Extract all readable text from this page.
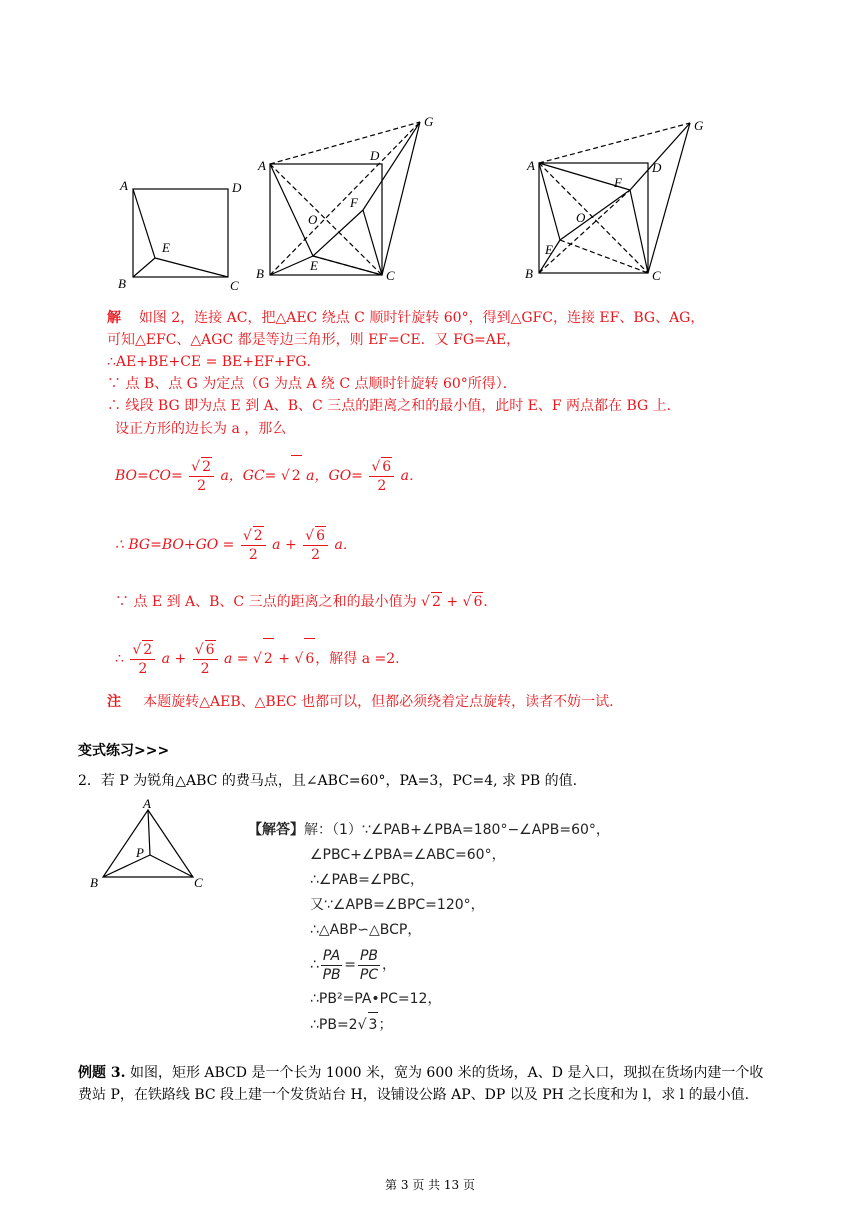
A	D
B	C
E
A
D
B	C
E
F
G
O
A	D
B	C
E
F
G
O
解 如图 2，连接 AC，把△AEC 绕点 C 顺时针旋转 60°，得到△GFC，连接 EF、BG、AG，
可知△EFC、△AGC 都是等边三角形，则 EF=CE．又 FG=AE，
∴AE+BE+CE = BE+EF+FG．
∵ 点 B、点 G 为定点（G 为点 A 绕 C 点顺时针旋转 60°所得）．
∴ 线段 BG 即为点 E 到 A、B、C 三点的距离之和的最小值，此时 E、F 两点都在 BG 上．
设正方形的边长为 a ，那么
$BO=CO= \frac{√ 2}{2}$ a，GC= √ 2 a，$GO= \frac{√ 6}{2}$ a．
∴ $BG=BO+GO = \frac{√ 2}{2}$ $a + \frac{√ 6}{2}$ a．
∵ 点 E 到 A、B、C 三点的距离之和的最小值为 √ 2 + √ 6．
∴ $\frac{√ 2}{2}$ $a + \frac{√ 6}{2}$ a = √ 2 + √ 6，解得 a =2.
注 本题旋转△AEB、△BEC 也都可以，但都必须绕着定点旋转，读者不妨一试.
变式练习>>>
2．若 P 为锐角△ABC 的费马点，且∠ABC=60°，PA=3，PC=4, 求 PB 的值.
A
B	C
P
【解答】解：（1）∵∠PAB+∠PBA=180°−∠APB=60°，
∠PBC+∠PBA=∠ABC=60°，
∴∠PAB=∠PBC，
又∵∠APB=∠BPC=120°，
∴△ABP∽△BCP，
∴ $\frac{PA}{PB} = \frac{PB}{PC}$ ，
∴PB²=PA•PC=12，
∴PB=2√ 3；
例题 3. 如图，矩形 ABCD 是一个长为 1000 米，宽为 600 米的货场，A、D 是入口，现拟在货场内建一个收
费站 P，在铁路线 BC 段上建一个发货站台 H，设铺设公路 AP、DP 以及 PH 之长度和为 l，求 l 的最小值.
第 3 页 共 13 页
